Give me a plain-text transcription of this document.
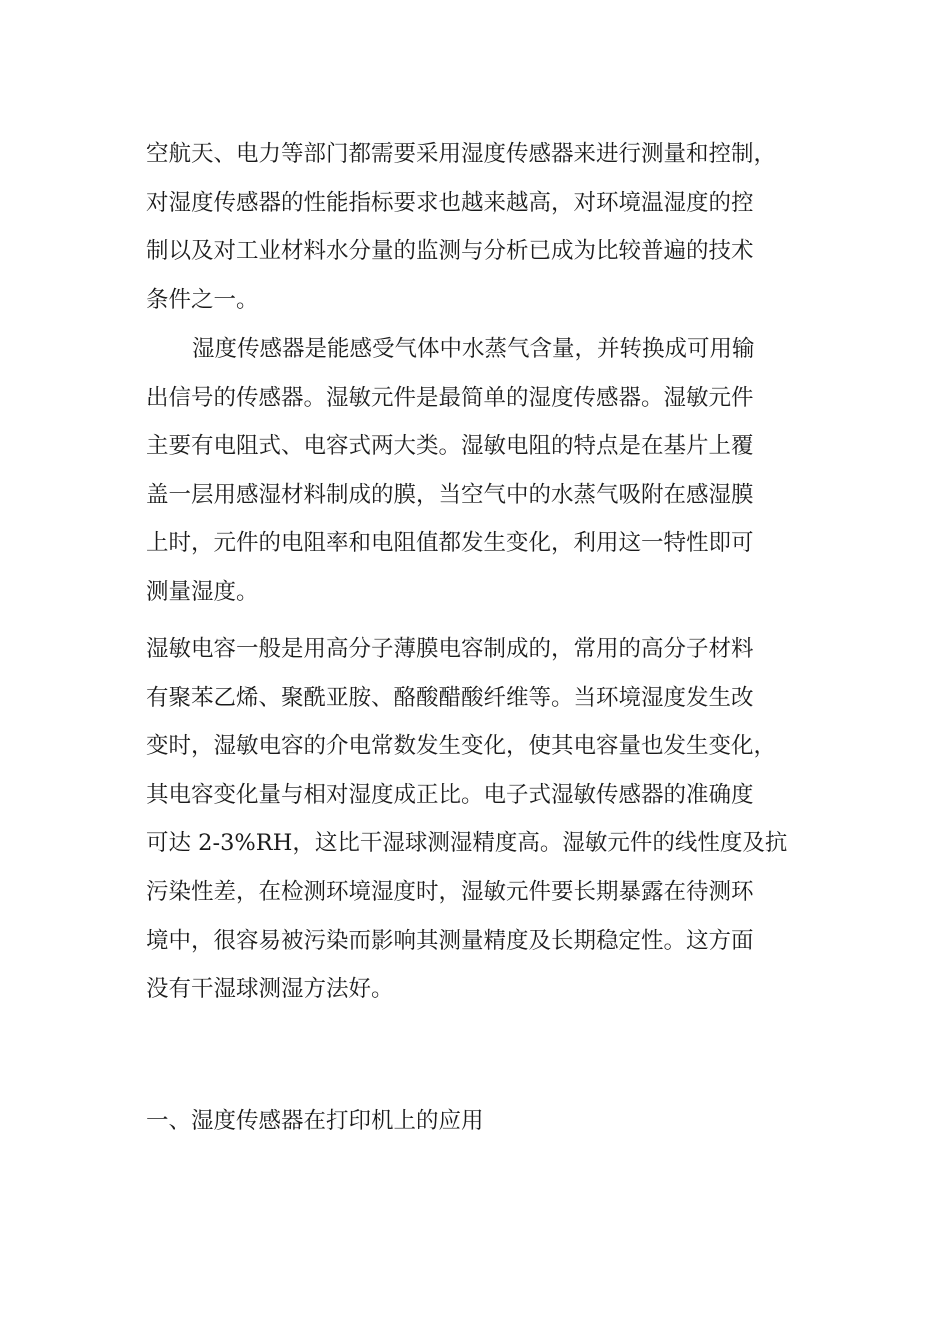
空航天、电力等部门都需要采用湿度传感器来进行测量和控制，
对湿度传感器的性能指标要求也越来越高，对环境温湿度的控
制以及对工业材料水分量的监测与分析已成为比较普遍的技术
条件之一。
湿度传感器是能感受气体中水蒸气含量，并转换成可用输
出信号的传感器。湿敏元件是最简单的湿度传感器。湿敏元件
主要有电阻式、电容式两大类。湿敏电阻的特点是在基片上覆
盖一层用感湿材料制成的膜，当空气中的水蒸气吸附在感湿膜
上时，元件的电阻率和电阻值都发生变化，利用这一特性即可
测量湿度。
湿敏电容一般是用高分子薄膜电容制成的，常用的高分子材料
有聚苯乙烯、聚酰亚胺、酪酸醋酸纤维等。当环境湿度发生改
变时，湿敏电容的介电常数发生变化，使其电容量也发生变化，
其电容变化量与相对湿度成正比。电子式湿敏传感器的准确度
可达 2-3%RH，这比干湿球测湿精度高。湿敏元件的线性度及抗
污染性差，在检测环境湿度时，湿敏元件要长期暴露在待测环
境中，很容易被污染而影响其测量精度及长期稳定性。这方面
没有干湿球测湿方法好。
一、湿度传感器在打印机上的应用
